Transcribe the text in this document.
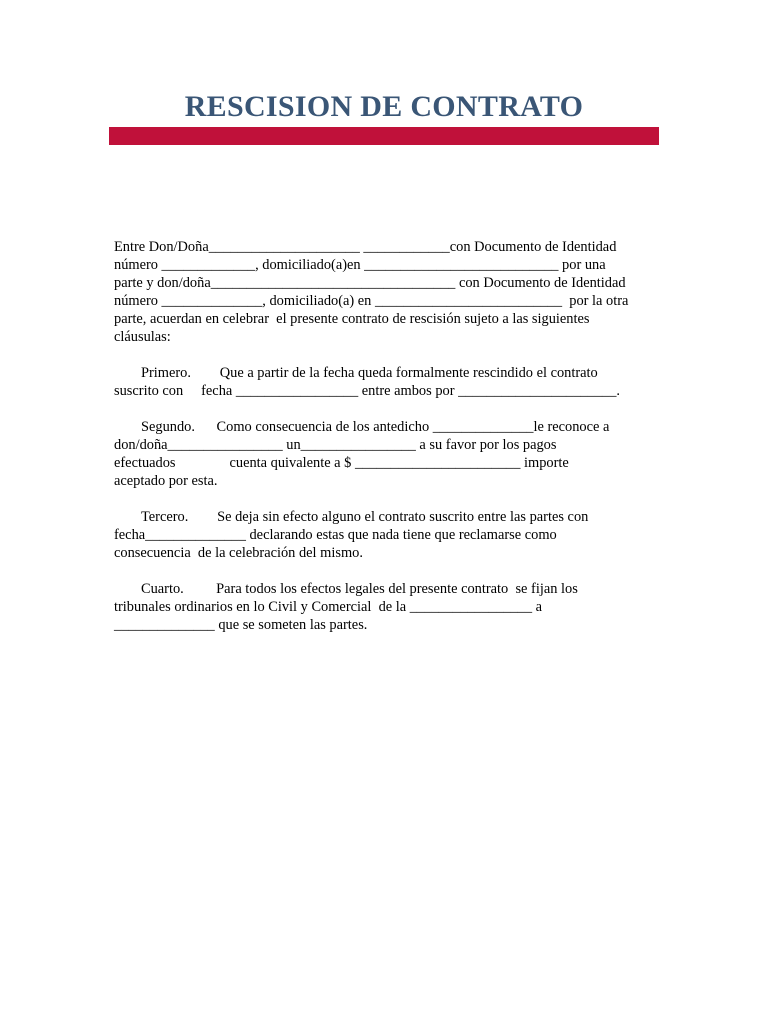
RESCISION DE CONTRATO

Entre Don/Doña_____________________ ____________con Documento de Identidad
número _____________, domiciliado(a)en ___________________________ por una
parte y don/doña__________________________________ con Documento de Identidad
número ______________, domiciliado(a) en __________________________  por la otra
parte, acuerdan en celebrar  el presente contrato de rescisión sujeto a las siguientes
cláusulas:

Primero.        Que a partir de la fecha queda formalmente rescindido el contrato
suscrito con     fecha _________________ entre ambos por ______________________.

Segundo.      Como consecuencia de los antedicho ______________le reconoce a
don/doña________________ un________________ a su favor por los pagos
efectuados               cuenta quivalente a $ _______________________ importe
aceptado por esta.

Tercero.        Se deja sin efecto alguno el contrato suscrito entre las partes con
fecha______________ declarando estas que nada tiene que reclamarse como
consecuencia  de la celebración del mismo.

Cuarto.         Para todos los efectos legales del presente contrato  se fijan los
tribunales ordinarios en lo Civil y Comercial  de la _________________ a
______________ que se someten las partes.
